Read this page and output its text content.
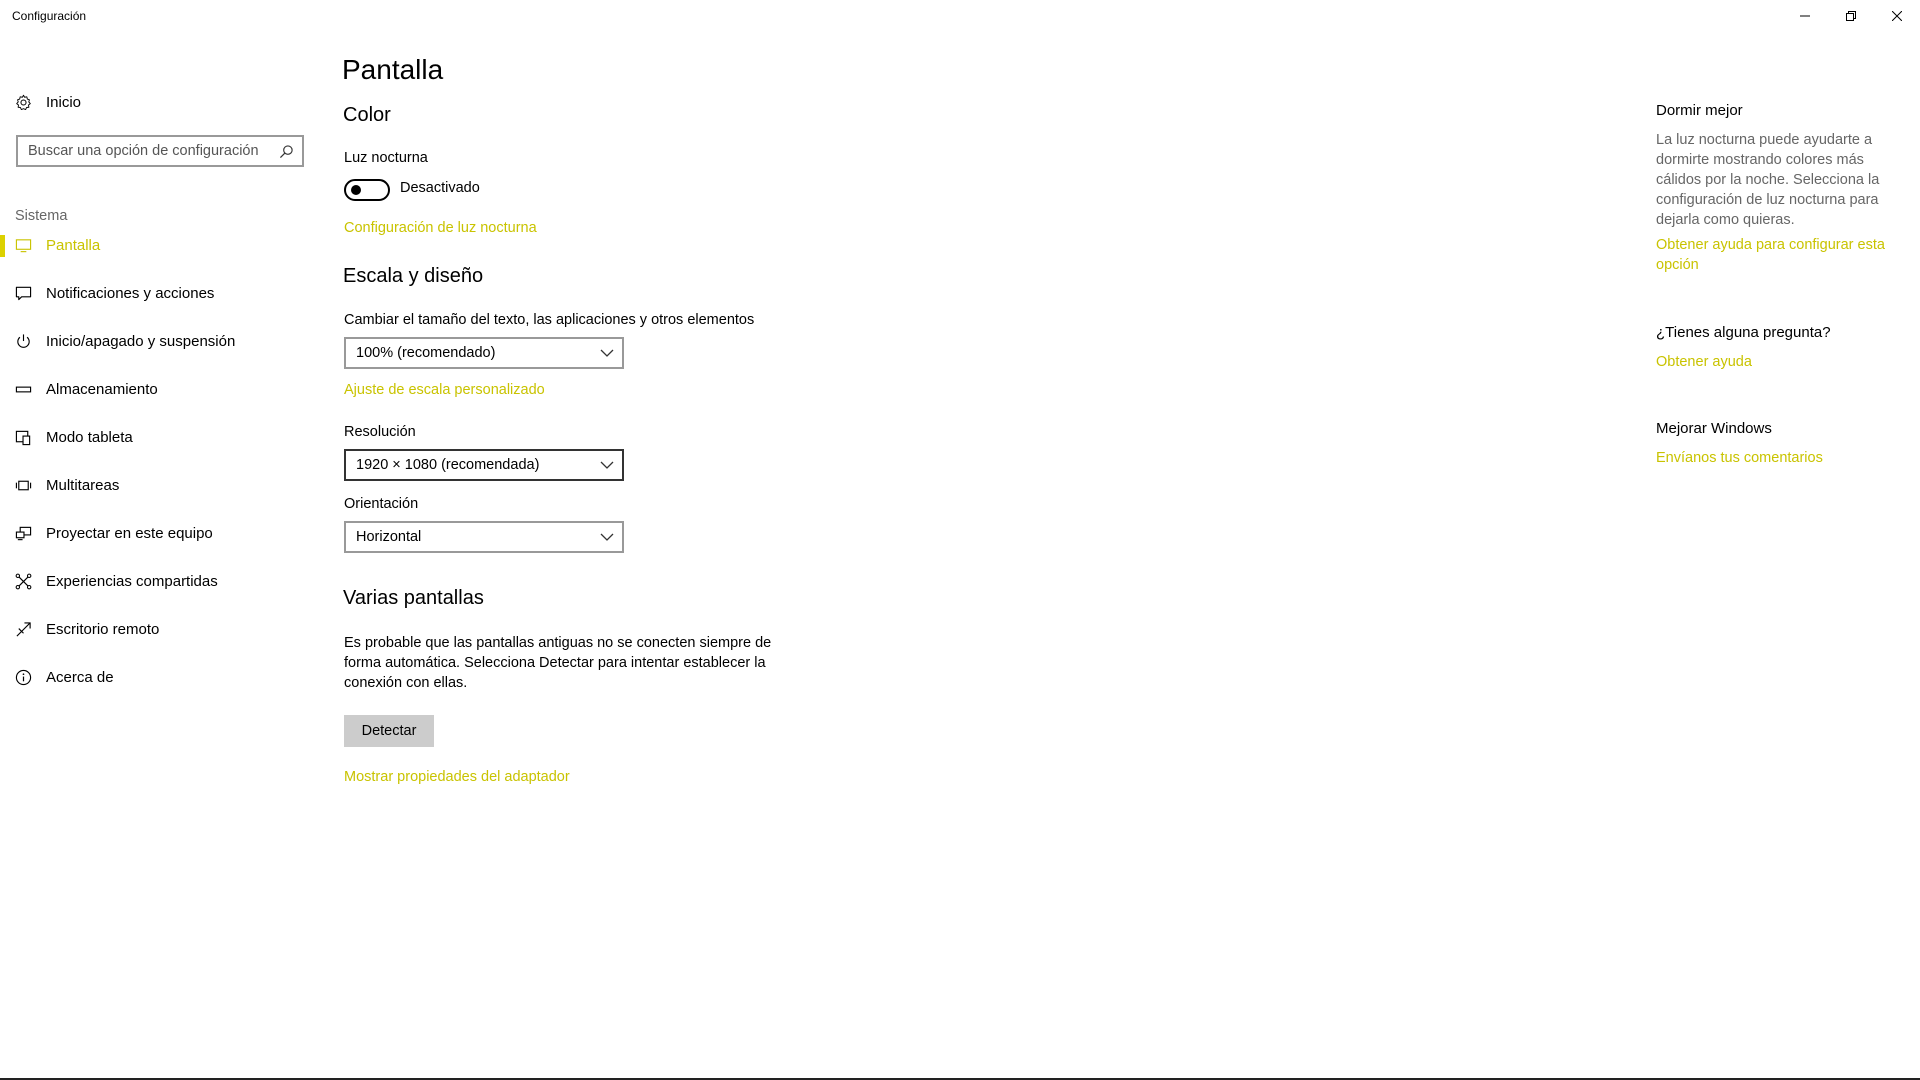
Configuración
Inicio
Buscar una opción de configuración
Sistema
Pantalla
Notificaciones y acciones
Inicio/apagado y suspensión
Almacenamiento
Modo tableta
Multitareas
Proyectar en este equipo
Experiencias compartidas
Escritorio remoto
Acerca de
Pantalla
Color
Luz nocturna
Desactivado
Configuración de luz nocturna
Escala y diseño
Cambiar el tamaño del texto, las aplicaciones y otros elementos
100% (recomendado)
Ajuste de escala personalizado
Resolución
1920 × 1080 (recomendada)
Orientación
Horizontal
Varias pantallas
Es probable que las pantallas antiguas no se conecten siempre de forma automática. Selecciona Detectar para intentar establecer la conexión con ellas.
Detectar
Mostrar propiedades del adaptador
Dormir mejor
La luz nocturna puede ayudarte a dormirte mostrando colores más cálidos por la noche. Selecciona la configuración de luz nocturna para dejarla como quieras.
Obtener ayuda para configurar esta opción
¿Tienes alguna pregunta?
Obtener ayuda
Mejorar Windows
Envíanos tus comentarios
